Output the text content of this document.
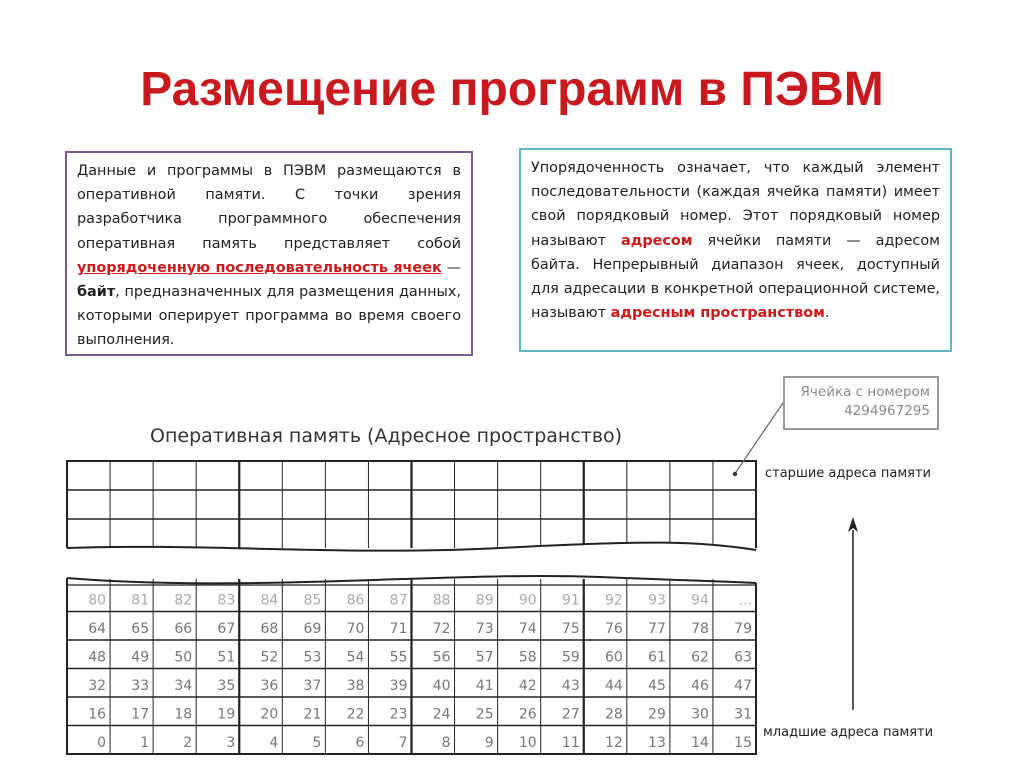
Размещение программ в ПЭВМ
Данные и программы в ПЭВМ размещаются в оперативной памяти. С точки зрения разработчика программного обеспечения оперативная память представляет собой упорядоченную последовательность ячеек — байт, предназначенных для размещения данных, которыми оперирует программа во время своего выполнения.
Упорядоченность означает, что каждый элемент последовательности (каждая ячейка памяти) имеет свой порядковый номер. Этот порядковый номер называют адресом ячейки памяти — адресом байта. Непрерывный диапазон ячеек, доступный для адресации в конкретной операционной системе, называют адресным пространством.
Оперативная память (Адресное пространство)
Ячейка с номером
4294967295
старшие адреса памяти
младшие адреса памяти
80 81 82 83 84 85 86 87 88 89 90 91 92 93 94 ...
64 65 66 67 68 69 70 71 72 73 74 75 76 77 78 79
48 49 50 51 52 53 54 55 56 57 58 59 60 61 62 63
32 33 34 35 36 37 38 39 40 41 42 43 44 45 46 47
16 17 18 19 20 21 22 23 24 25 26 27 28 29 30 31
0 1 2 3 4 5 6 7 8 9 10 11 12 13 14 15
